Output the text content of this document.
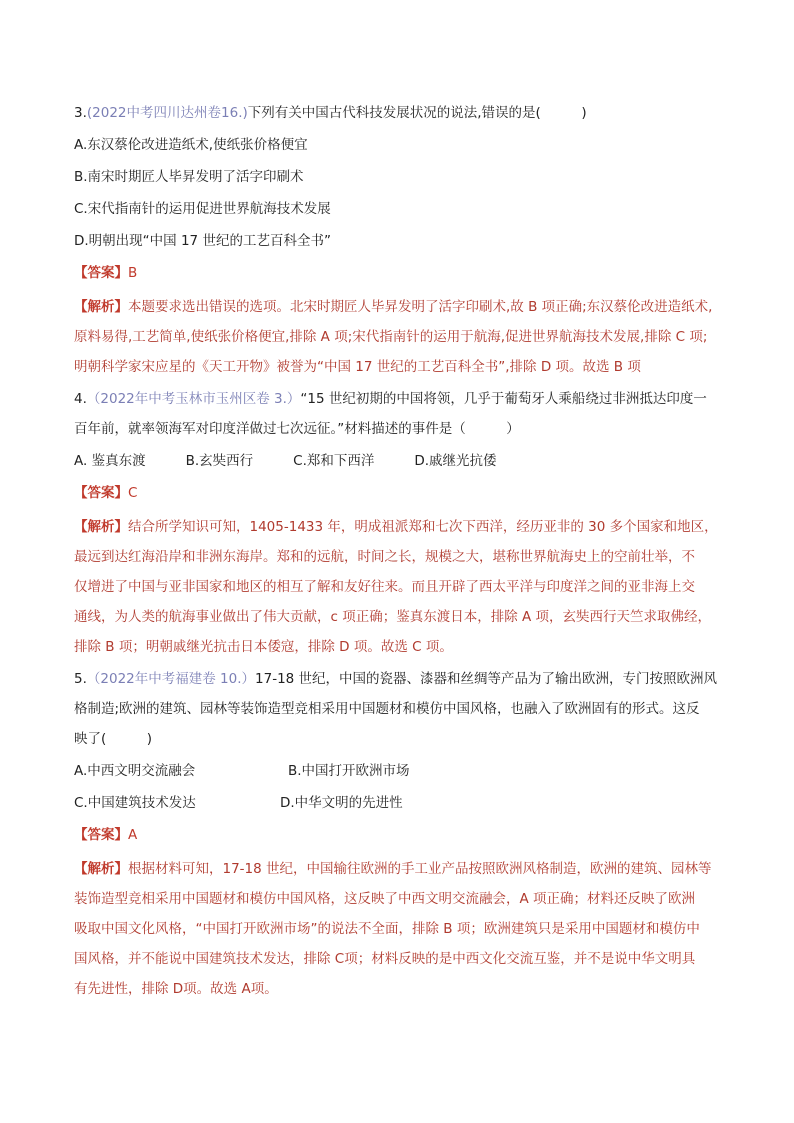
3.(2022中考四川达州卷16.)下列有关中国古代科技发展状况的说法,错误的是(　　　)

A.东汉蔡伦改进造纸术,使纸张价格便宜

B.南宋时期匠人毕昇发明了活字印刷术

C.宋代指南针的运用促进世界航海技术发展

D.明朝出现“中国 17 世纪的工艺百科全书”

【答案】B

【解析】本题要求选出错误的选项。北宋时期匠人毕昇发明了活字印刷术,故 B 项正确;东汉蔡伦改进造纸术,
原料易得,工艺简单,使纸张价格便宜,排除 A 项;宋代指南针的运用于航海,促进世界航海技术发展,排除 C 项;
明朝科学家宋应星的《天工开物》被誉为“中国 17 世纪的工艺百科全书”,排除 D 项。故选 B 项
4.（2022年中考玉林市玉州区卷 3.）“15 世纪初期的中国将领，几乎于葡萄牙人乘船绕过非洲抵达印度一
百年前，就率领海军对印度洋做过七次远征。”材料描述的事件是（　　　）
A. 鉴真东渡	B.玄奘西行	C.郑和下西洋	D.戚继光抗倭

【答案】C

【解析】结合所学知识可知，1405-1433 年，明成祖派郑和七次下西洋，经历亚非的 30 多个国家和地区，
最远到达红海沿岸和非洲东海岸。郑和的远航，时间之长，规模之大，堪称世界航海史上的空前壮举，不
仅增进了中国与亚非国家和地区的相互了解和友好往来。而且开辟了西太平洋与印度洋之间的亚非海上交
通线，为人类的航海事业做出了伟大贡献，c 项正确；鉴真东渡日本，排除 A 项，玄奘西行天竺求取佛经，
排除 B 项；明朝戚继光抗击日本倭寇，排除 D 项。故选 C 项。
5.（2022年中考福建卷 10.）17-18 世纪，中国的瓷器、漆器和丝绸等产品为了输出欧洲，专门按照欧洲风
格制造;欧洲的建筑、园林等装饰造型竞相采用中国题材和模仿中国风格，也融入了欧洲固有的形式。这反
映了(　　　)
A.中西文明交流融会	B.中国打开欧洲市场
C.中国建筑技术发达	D.中华文明的先进性

【答案】A

【解析】根据材料可知，17-18 世纪，中国输往欧洲的手工业产品按照欧洲风格制造，欧洲的建筑、园林等
装饰造型竞相采用中国题材和模仿中国风格，这反映了中西文明交流融会，A 项正确；材料还反映了欧洲
吸取中国文化风格，“中国打开欧洲市场”的说法不全面，排除 B 项；欧洲建筑只是采用中国题材和模仿中
国风格，并不能说中国建筑技术发达，排除 C项；材料反映的是中西文化交流互鉴，并不是说中华文明具
有先进性，排除 D项。故选 A项。
